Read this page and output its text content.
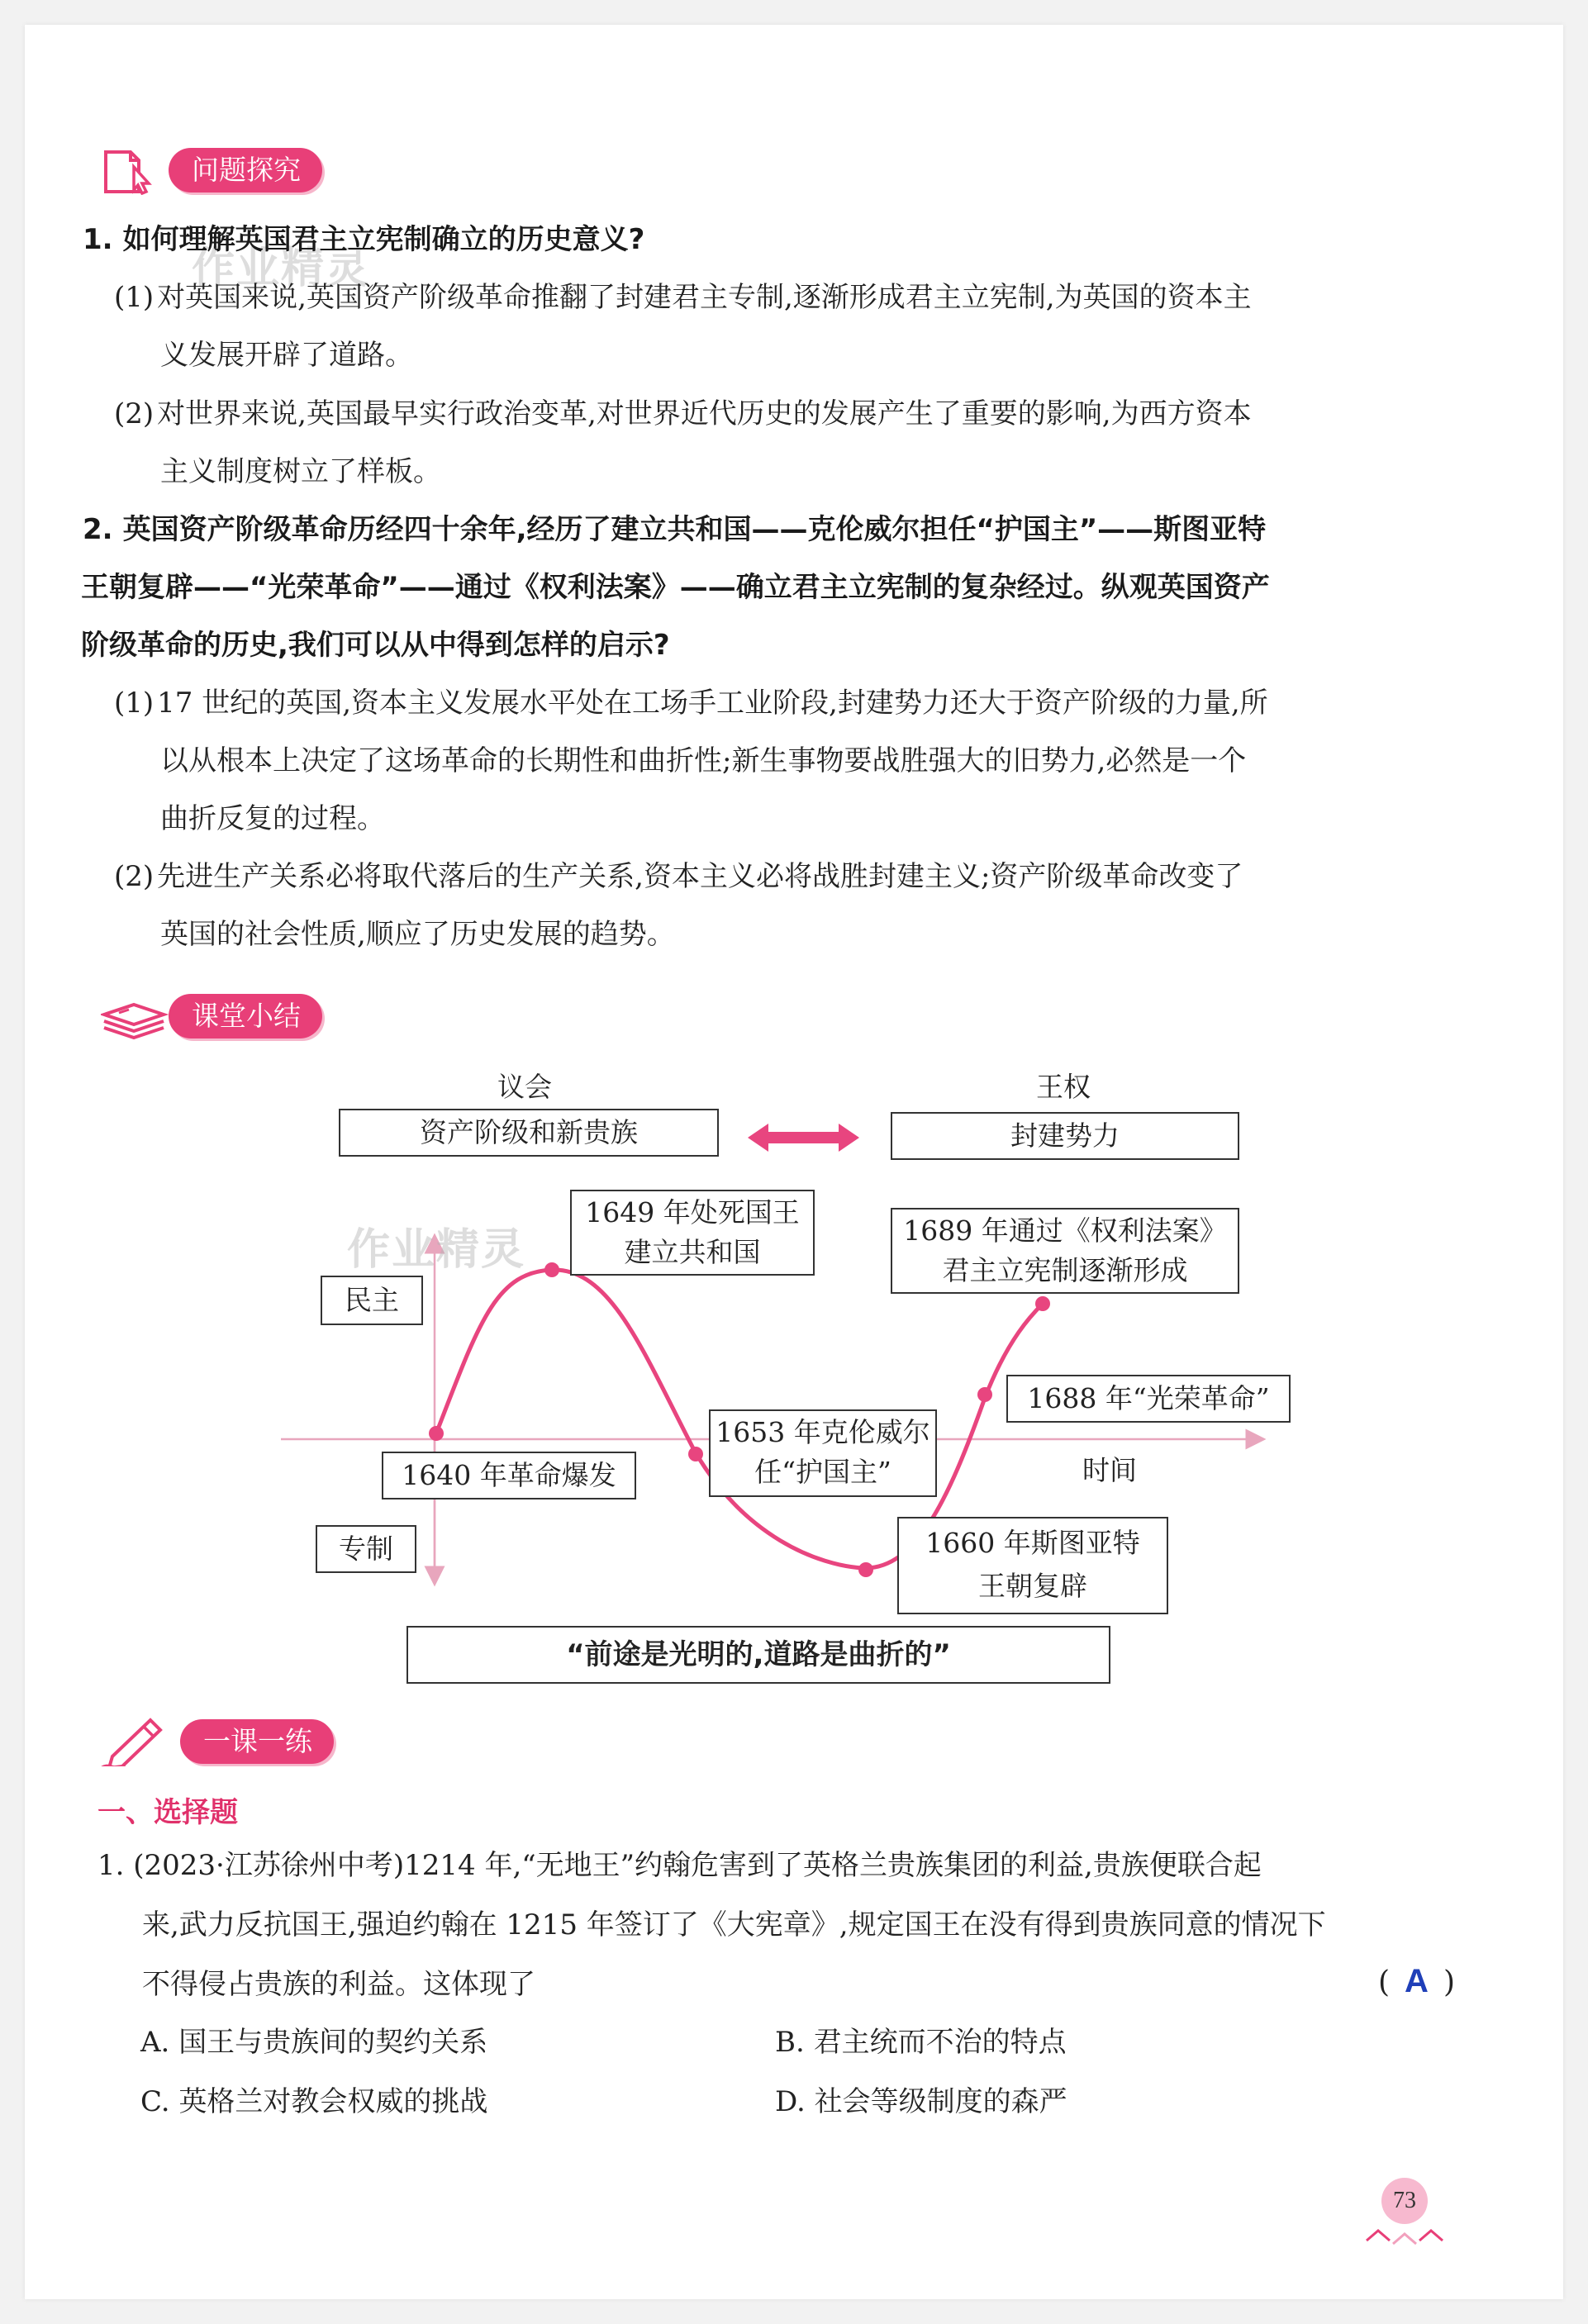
问题探究
作业精灵
1. 如何理解英国君主立宪制确立的历史意义?
(1) 对英国来说,英国资产阶级革命推翻了封建君主专制,逐渐形成君主立宪制,为英国的资本主
义发展开辟了道路。
(2) 对世界来说,英国最早实行政治变革,对世界近代历史的发展产生了重要的影响,为西方资本
主义制度树立了样板。
2. 英国资产阶级革命历经四十余年,经历了建立共和国——克伦威尔担任“护国主”——斯图亚特
王朝复辟——“光荣革命”——通过《权利法案》——确立君主立宪制的复杂经过。纵观英国资产
阶级革命的历史,我们可以从中得到怎样的启示?
(1) 17 世纪的英国,资本主义发展水平处在工场手工业阶段,封建势力还大于资产阶级的力量,所
以从根本上决定了这场革命的长期性和曲折性;新生事物要战胜强大的旧势力,必然是一个
曲折反复的过程。
(2) 先进生产关系必将取代落后的生产关系,资本主义必将战胜封建主义;资产阶级革命改变了
英国的社会性质,顺应了历史发展的趋势。
课堂小结
议会
资产阶级和新贵族
王权
封建势力
作业精灵
1649 年处死国王
建立共和国
1689 年通过《权利法案》
君主立宪制逐渐形成
民主
1688 年“光荣革命”
1653 年克伦威尔
任“护国主”
1640 年革命爆发	时间
专制	1660 年斯图亚特
王朝复辟
“前途是光明的,道路是曲折的”
一课一练
一、选择题
1. (2023·江苏徐州中考)1214 年,“无地王”约翰危害到了英格兰贵族集团的利益,贵族便联合起
来,武力反抗国王,强迫约翰在 1215 年签订了《大宪章》,规定国王在没有得到贵族同意的情况下
不得侵占贵族的利益。这体现了	( A )
A. 国王与贵族间的契约关系	B. 君主统而不治的特点
C. 英格兰对教会权威的挑战	D. 社会等级制度的森严
73
